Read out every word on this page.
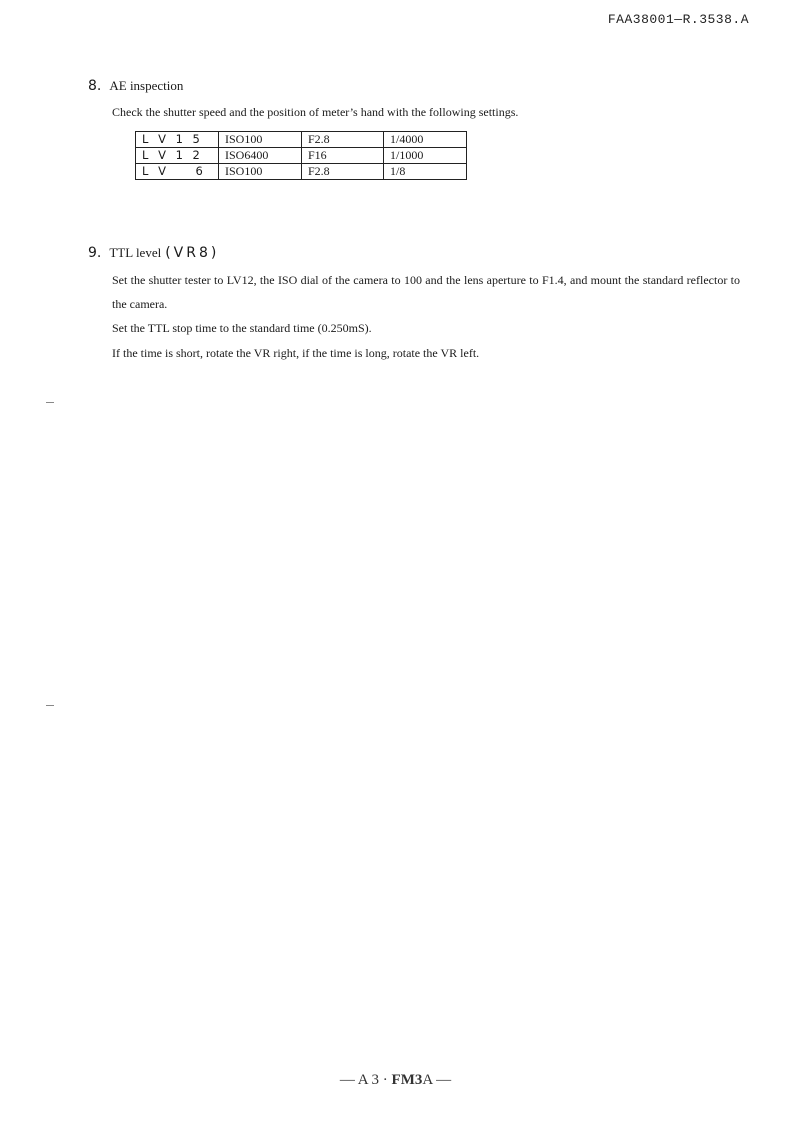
FAA38001—R.3538.A
8. AE inspection

Check the shutter speed and the position of meter’s hand with the following settings.

L V 1 5	ISO100	F2.8	1/4000
L V 1 2	ISO6400	F16	1/1000
L V    6	ISO100	F2.8	1/8
9. TTL level (VR8)

Set the shutter tester to LV12, the ISO dial of the camera to 100 and the lens aperture to F1.4, and mount the standard reflector to the camera.

Set the TTL stop time to the standard time (0.250mS).

If the time is short, rotate the VR right, if the time is long, rotate the VR left.

— A 3 · FM3A —
